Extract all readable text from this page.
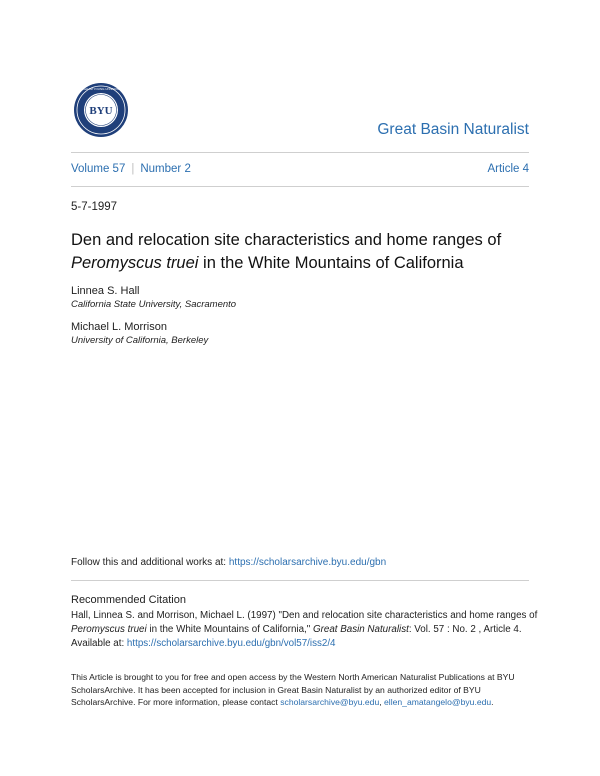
BYU
BRIGHAM YOUNG UNIVERSITY
Great Basin Naturalist
Volume 57 | Number 2	Article 4
5-7-1997
Den and relocation site characteristics and home ranges of Peromyscus truei in the White Mountains of California
Linnea S. Hall
California State University, Sacramento
Michael L. Morrison
University of California, Berkeley
Follow this and additional works at: https://scholarsarchive.byu.edu/gbn
Recommended Citation
Hall, Linnea S. and Morrison, Michael L. (1997) "Den and relocation site characteristics and home ranges of Peromyscus truei in the White Mountains of California," Great Basin Naturalist: Vol. 57 : No. 2 , Article 4.
Available at: https://scholarsarchive.byu.edu/gbn/vol57/iss2/4
This Article is brought to you for free and open access by the Western North American Naturalist Publications at BYU ScholarsArchive. It has been accepted for inclusion in Great Basin Naturalist by an authorized editor of BYU ScholarsArchive. For more information, please contact scholarsarchive@byu.edu, ellen_amatangelo@byu.edu.
